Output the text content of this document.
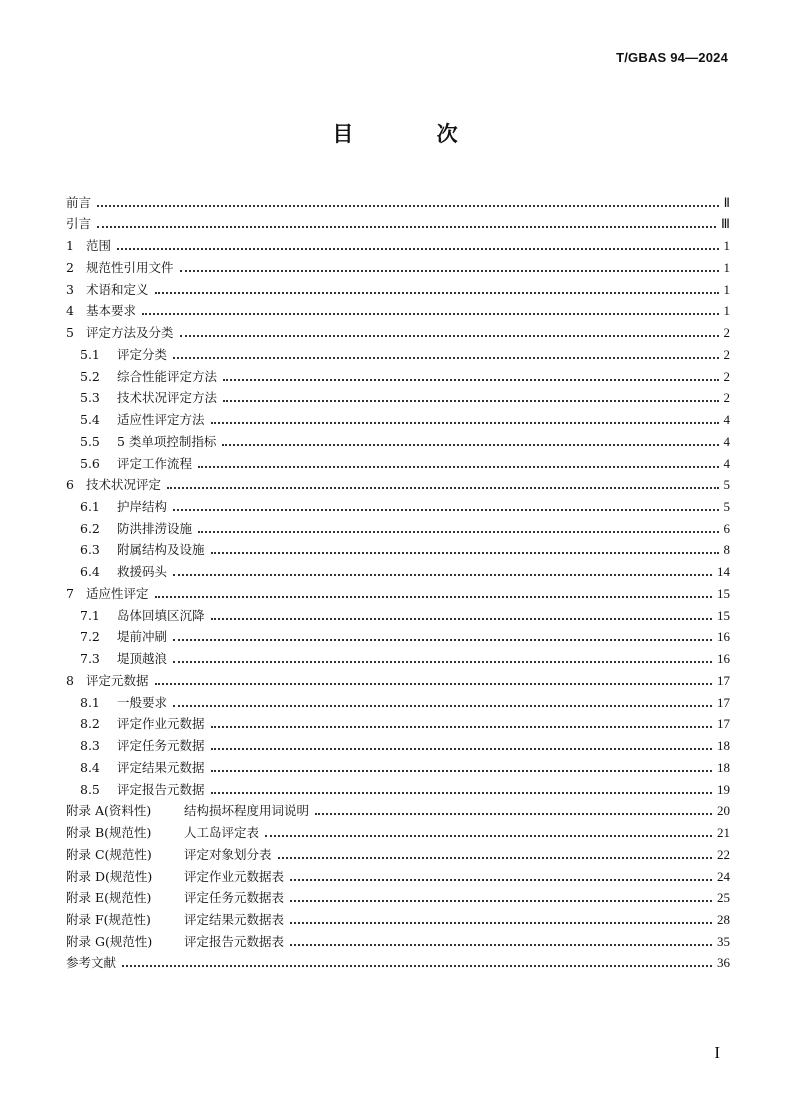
T/GBAS 94—2024
目 次
前言	Ⅱ
引言	Ⅲ
1 范围	1
2 规范性引用文件	1
3 术语和定义	1
4 基本要求	1
5 评定方法及分类	2
5.1	评定分类	2
5.2	综合性能评定方法	2
5.3	技术状况评定方法	2
5.4	适应性评定方法	4
5.5	5 类单项控制指标	4
5.6	评定工作流程	4
6 技术状况评定	5
6.1	护岸结构	5
6.2	防洪排涝设施	6
6.3	附属结构及设施	8
6.4	救援码头	14
7 适应性评定	15
7.1	岛体回填区沉降	15
7.2	堤前冲刷	16
7.3	堤顶越浪	16
8 评定元数据	17
8.1	一般要求	17
8.2	评定作业元数据	17
8.3	评定任务元数据	18
8.4	评定结果元数据	18
8.5	评定报告元数据	19
附录 A(资料性)	结构损坏程度用词说明	20
附录 B(规范性)	人工岛评定表	21
附录 C(规范性)	评定对象划分表	22
附录 D(规范性)	评定作业元数据表	24
附录 E(规范性)	评定任务元数据表	25
附录 F(规范性)	评定结果元数据表	28
附录 G(规范性)	评定报告元数据表	35
参考文献	36
I
